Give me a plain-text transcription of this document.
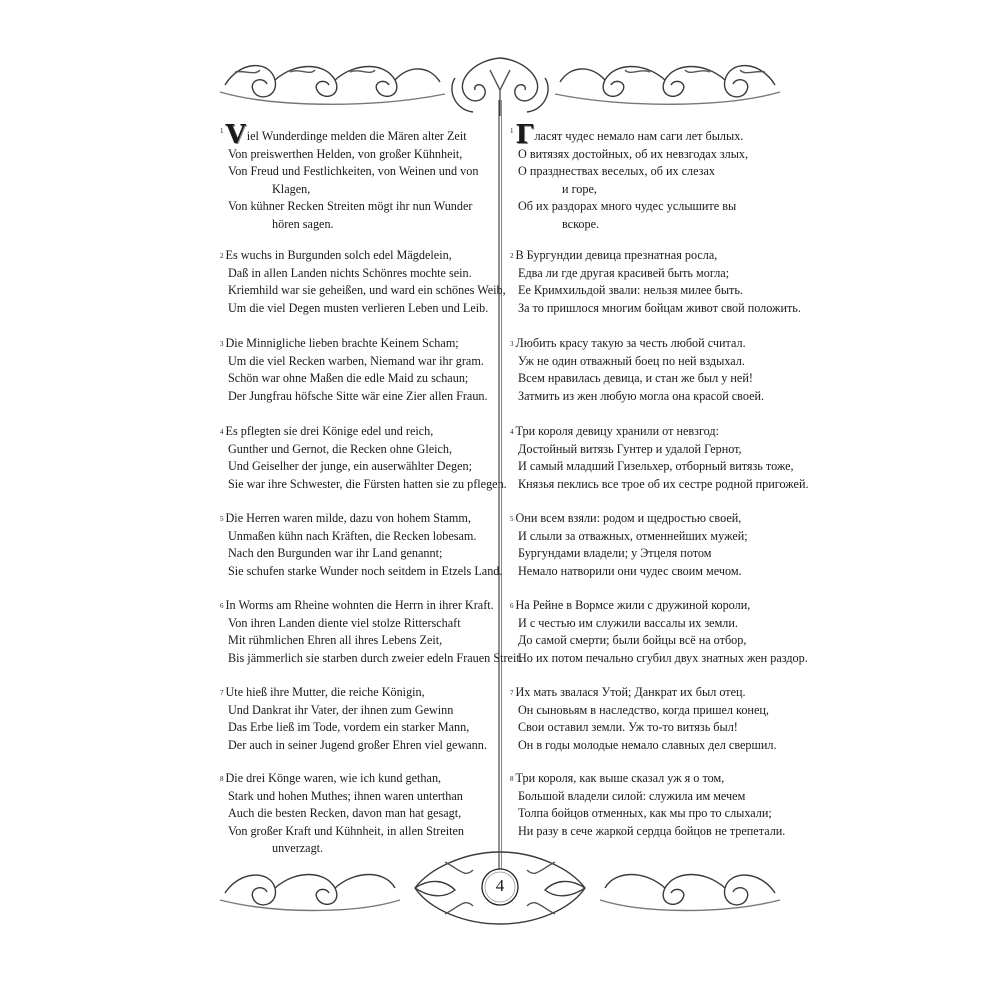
$^1$Viel Wunderdinge melden die Mären alter Zeit
Von preiswerthen Helden, von großer Kühnheit,
Von Freud und Festlichkeiten, von Weinen und von
Klagen,
Von kühner Recken Streiten mögt ihr nun Wunder
hören sagen.
$^2$ Es wuchs in Burgunden solch edel Mägdelein,
Daß in allen Landen nichts Schönres mochte sein.
Kriemhild war sie geheißen, und ward ein schönes Weib,
Um die viel Degen musten verlieren Leben und Leib.
$^3$ Die Minnigliche lieben brachte Keinem Scham;
Um die viel Recken warben, Niemand war ihr gram.
Schön war ohne Maßen die edle Maid zu schaun;
Der Jungfrau höfsche Sitte wär eine Zier allen Fraun.
$^4$ Es pflegten sie drei Könige edel und reich,
Gunther und Gernot, die Recken ohne Gleich,
Und Geiselher der junge, ein auserwählter Degen;
Sie war ihre Schwester, die Fürsten hatten sie zu pflegen.
$^5$ Die Herren waren milde, dazu von hohem Stamm,
Unmaßen kühn nach Kräften, die Recken lobesam.
Nach den Burgunden war ihr Land genannt;
Sie schufen starke Wunder noch seitdem in Etzels Land.
$^6$ In Worms am Rheine wohnten die Herrn in ihrer Kraft.
Von ihren Landen diente viel stolze Ritterschaft
Mit rühmlichen Ehren all ihres Lebens Zeit,
Bis jämmerlich sie starben durch zweier edeln Frauen Streit.
$^7$ Ute hieß ihre Mutter, die reiche Königin,
Und Dankrat ihr Vater, der ihnen zum Gewinn
Das Erbe ließ im Tode, vordem ein starker Mann,
Der auch in seiner Jugend großer Ehren viel gewann.
$^8$ Die drei Könge waren, wie ich kund gethan,
Stark und hohen Muthes; ihnen waren unterthan
Auch die besten Recken, davon man hat gesagt,
Von großer Kraft und Kühnheit, in allen Streiten
unverzagt.
$^1$Гласят чудес немало нам саги лет былых.
О витязях достойных, об их невзгодах злых,
О празднествах веселых, об их слезах
и горе,
Об их раздорах много чудес услышите вы
вскоре.
$^2$ В Бургундии девица презнатная росла,
Едва ли где другая красивей быть могла;
Ее Кримхильдой звали: нельзя милее быть.
За то пришлося многим бойцам живот свой положить.
$^3$ Любить красу такую за честь любой считал.
Уж не один отважный боец по ней вздыхал.
Всем нравилась девица, и стан же был у ней!
Затмить из жен любую могла она красой своей.
$^4$ Три короля девицу хранили от невзгод:
Достойный витязь Гунтер и удалой Гернот,
И самый младший Гизельхер, отборный витязь тоже,
Князья пеклись все трое об их сестре родной пригожей.
$^5$ Они всем взяли: родом и щедростью своей,
И слыли за отважных, отменнейших мужей;
Бургундами владели; у Этцеля потом
Немало натворили они чудес своим мечом.
$^6$ На Рейне в Вормсе жили с дружиной короли,
И с честью им служили вассалы их земли.
До самой смерти; были бойцы всё на отбор,
Но их потом печально сгубил двух знатных жен раздор.
$^7$ Их мать звалася Утой; Данкрат их был отец.
Он сыновьям в наследство, когда пришел конец,
Свои оставил земли. Уж то-то витязь был!
Он в годы молодые немало славных дел свершил.
$^8$ Три короля, как выше сказал уж я о том,
Большой владели силой: служила им мечем
Толпа бойцов отменных, как мы про то слыхали;
Ни разу в сече жаркой сердца бойцов не трепетали.
4
